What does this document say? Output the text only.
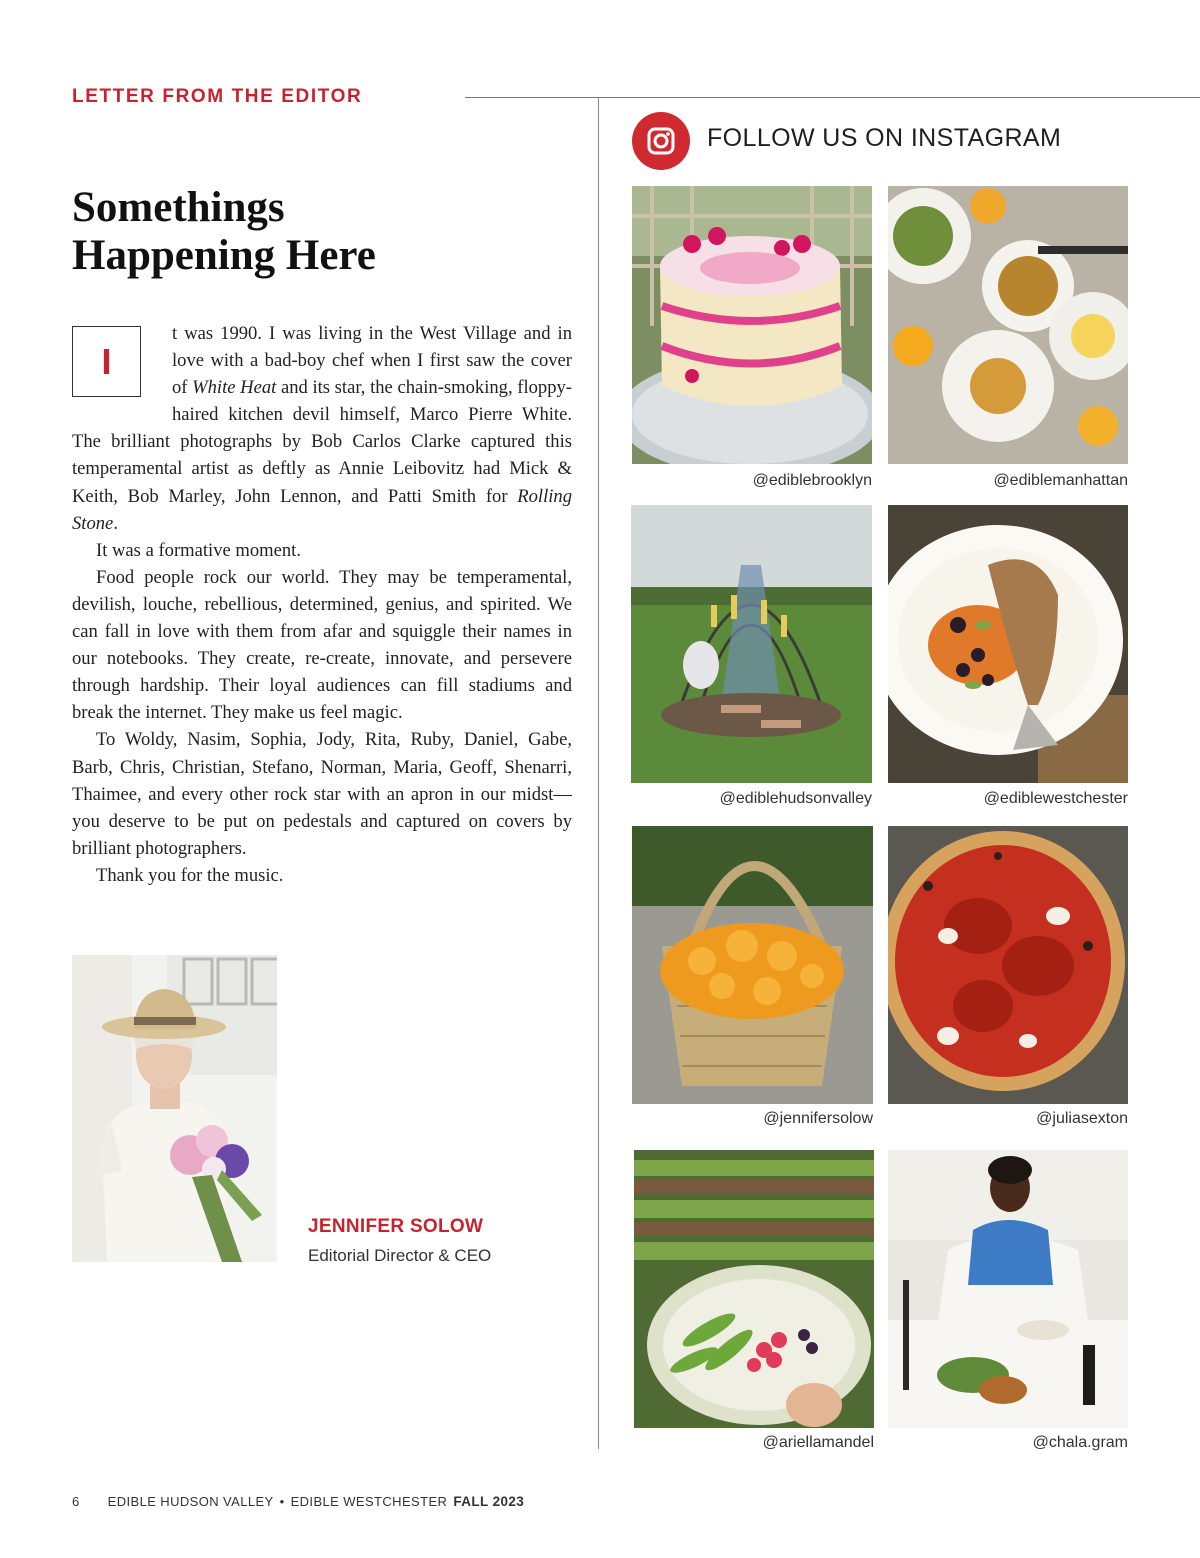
LETTER FROM THE EDITOR
Somethings
Happening Here
I

t was 1990. I was living in the West Village and in love with a bad-boy chef when I first saw the cover of White Heat and its star, the chain-smoking, floppy-haired kitchen devil himself, Marco Pierre White. The brilliant photographs by Bob Carlos Clarke captured this temperamental artist as deftly as Annie Leibovitz had Mick & Keith, Bob Marley, John Lennon, and Patti Smith for Rolling Stone.

It was a formative moment.

Food people rock our world. They may be temperamental, devilish, louche, rebellious, determined, genius, and spirited. We can fall in love with them from afar and squiggle their names in our notebooks. They create, re-create, innovate, and persevere through hardship. Their loyal audiences can fill stadiums and break the internet. They make us feel magic.

To Woldy, Nasim, Sophia, Jody, Rita, Ruby, Daniel, Gabe, Barb, Chris, Christian, Stefano, Norman, Maria, Geoff, Shenarri, Thaimee, and every other rock star with an apron in our midst—you deserve to be put on pedestals and captured on covers by brilliant photographers.

Thank you for the music.

JENNIFER SOLOW
Editorial Director & CEO
FOLLOW US ON INSTAGRAM
@ediblebrooklyn	@ediblemanhattan
@ediblehudsonvalley	@ediblewestchester
@jennifersolow	@juliasexton
@ariellamandel	@chala.gram
6 EDIBLE HUDSON VALLEY • EDIBLE WESTCHESTER FALL 2023
